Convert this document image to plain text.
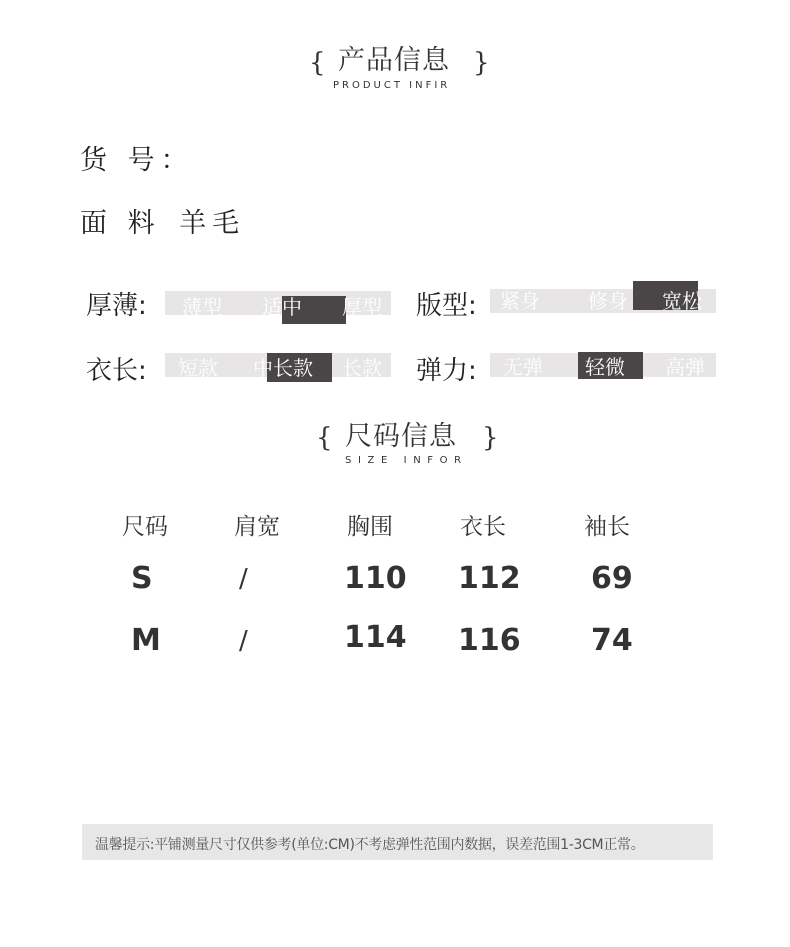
{ 产品信息
PRODUCT INFIR
}
货 号：
面 料 羊毛
厚薄: 薄型 适中 厚型 版型: 紧身 修身 宽松
衣长: 短款 中长款 长款 弹力: 无弹 轻微 高弹
{ 尺码信息
SIZE INFOR
}
尺码	肩宽	胸围	衣长	袖长
S	/	110 112 69
M	/	114 116 74
温馨提示:平铺测量尺寸仅供参考(单位:CM)不考虑弹性范围内数据，误差范围1-3CM正常。
